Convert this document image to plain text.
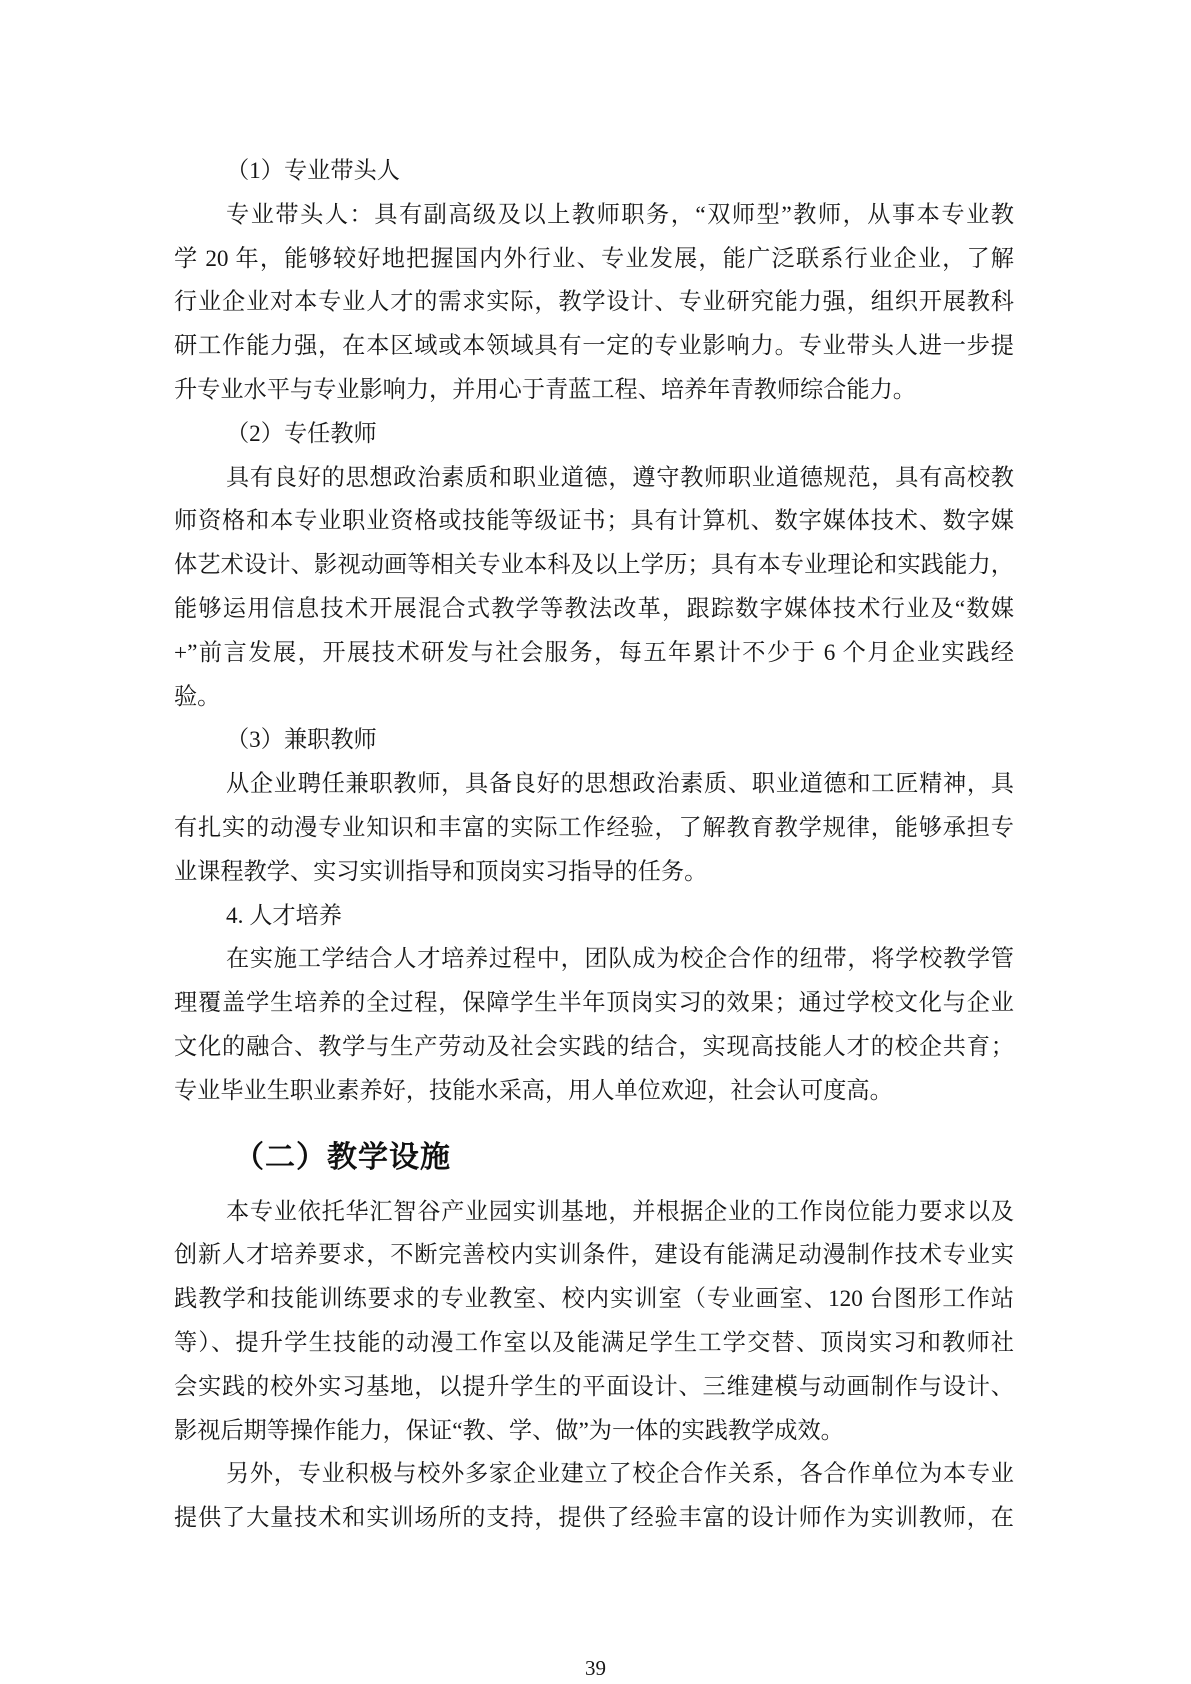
（1）专业带头人
专业带头人：具有副高级及以上教师职务，“双师型”教师，从事本专业教
学 20 年，能够较好地把握国内外行业、专业发展，能广泛联系行业企业，了解
行业企业对本专业人才的需求实际，教学设计、专业研究能力强，组织开展教科
研工作能力强，在本区域或本领域具有一定的专业影响力。专业带头人进一步提
升专业水平与专业影响力，并用心于青蓝工程、培养年青教师综合能力。
（2）专任教师
具有良好的思想政治素质和职业道德，遵守教师职业道德规范，具有高校教
师资格和本专业职业资格或技能等级证书；具有计算机、数字媒体技术、数字媒
体艺术设计、影视动画等相关专业本科及以上学历；具有本专业理论和实践能力，
能够运用信息技术开展混合式教学等教法改革，跟踪数字媒体技术行业及“数媒
+”前言发展，开展技术研发与社会服务，每五年累计不少于 6 个月企业实践经
验。
（3）兼职教师
从企业聘任兼职教师，具备良好的思想政治素质、职业道德和工匠精神，具
有扎实的动漫专业知识和丰富的实际工作经验，了解教育教学规律，能够承担专
业课程教学、实习实训指导和顶岗实习指导的任务。
4. 人才培养
在实施工学结合人才培养过程中，团队成为校企合作的纽带，将学校教学管
理覆盖学生培养的全过程，保障学生半年顶岗实习的效果；通过学校文化与企业
文化的融合、教学与生产劳动及社会实践的结合，实现高技能人才的校企共育；
专业毕业生职业素养好，技能水采高，用人单位欢迎，社会认可度高。
（二）教学设施
本专业依托华汇智谷产业园实训基地，并根据企业的工作岗位能力要求以及
创新人才培养要求，不断完善校内实训条件，建设有能满足动漫制作技术专业实
践教学和技能训练要求的专业教室、校内实训室（专业画室、120 台图形工作站
等）、提升学生技能的动漫工作室以及能满足学生工学交替、顶岗实习和教师社
会实践的校外实习基地，以提升学生的平面设计、三维建模与动画制作与设计、
影视后期等操作能力，保证“教、学、做”为一体的实践教学成效。
另外，专业积极与校外多家企业建立了校企合作关系，各合作单位为本专业
提供了大量技术和实训场所的支持，提供了经验丰富的设计师作为实训教师，在
39
